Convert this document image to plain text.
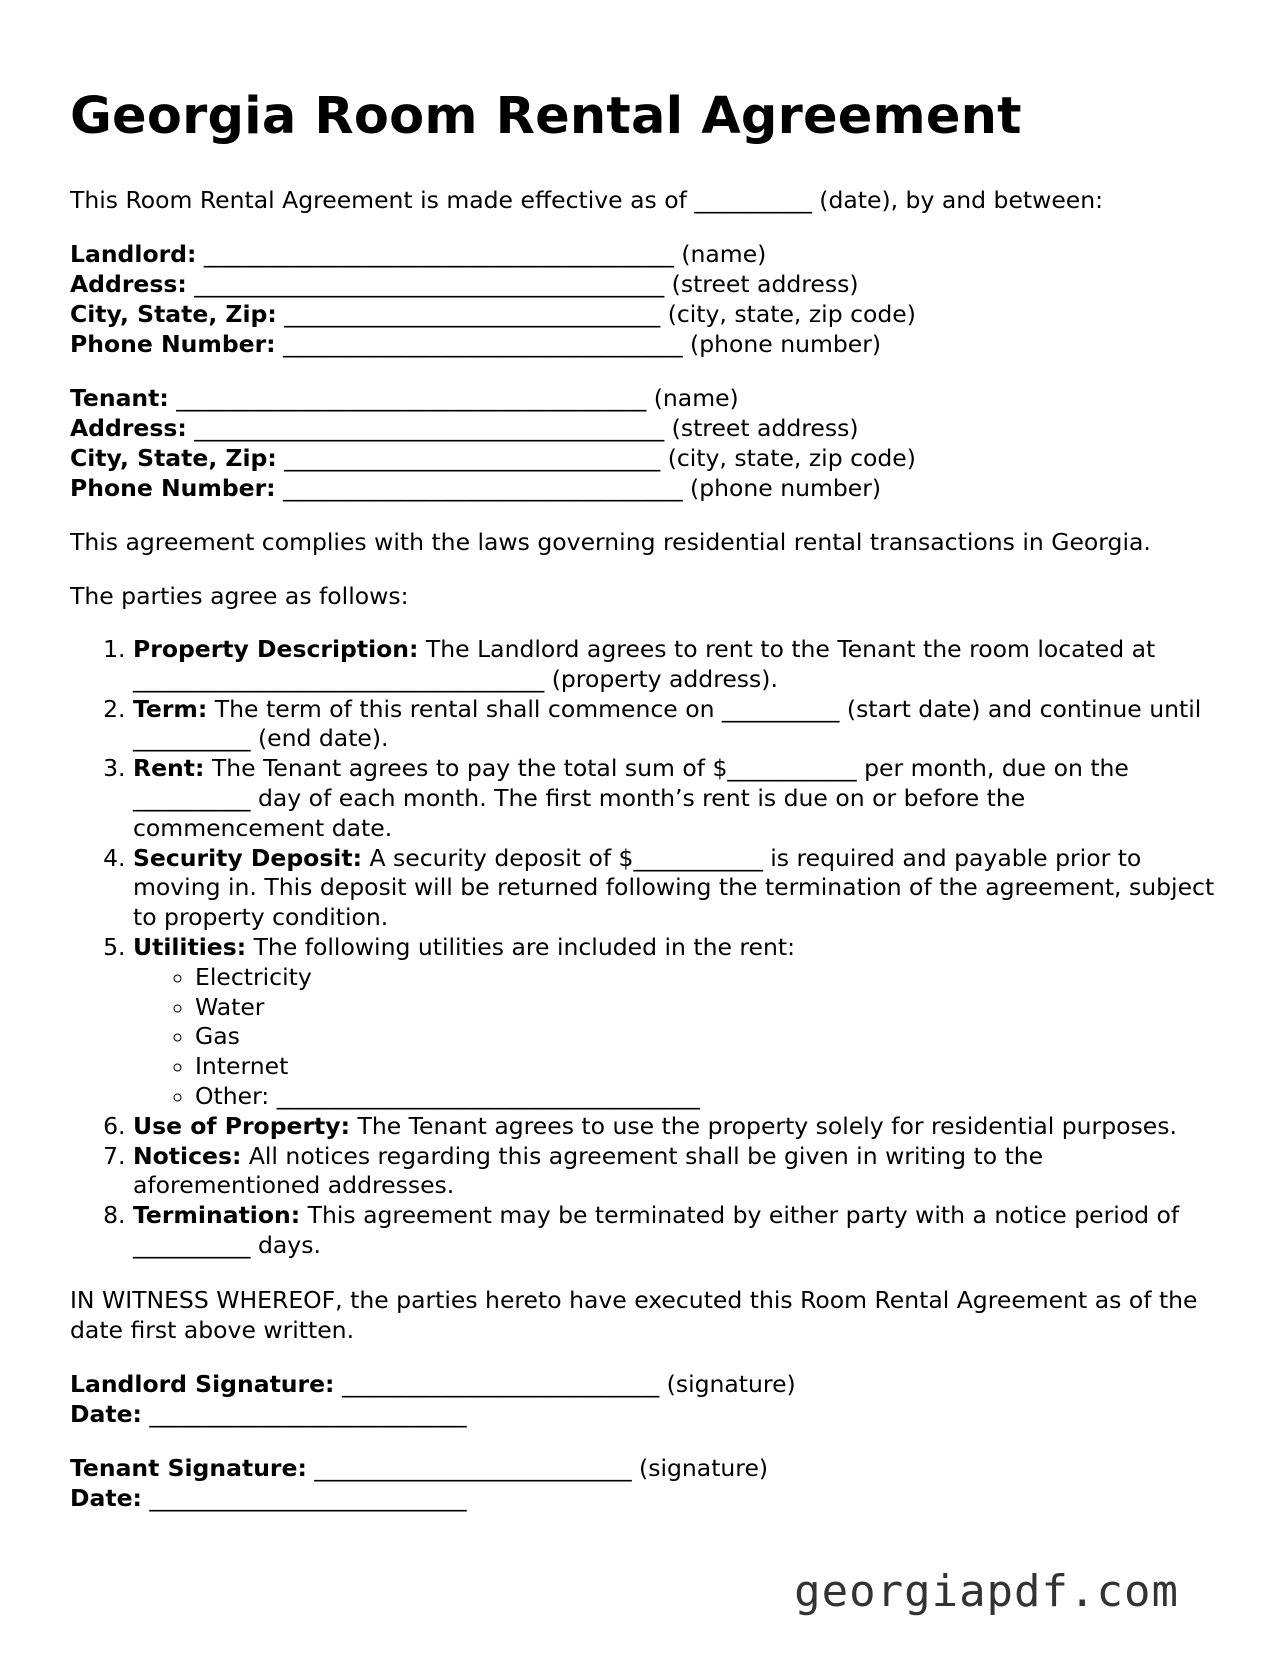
Georgia Room Rental Agreement

This Room Rental Agreement is made effective as of __________ (date), by and between:

Landlord: ________________________________________ (name)
Address: ________________________________________ (street address)
City, State, Zip: ________________________________ (city, state, zip code)
Phone Number: __________________________________ (phone number)
Tenant: ________________________________________ (name)
Address: ________________________________________ (street address)
City, State, Zip: ________________________________ (city, state, zip code)
Phone Number: __________________________________ (phone number)

This agreement complies with the laws governing residential rental transactions in Georgia.

The parties agree as follows:

1. Property Description: The Landlord agrees to rent to the Tenant the room located at ___________________________________ (property address).
2. Term: The term of this rental shall commence on __________ (start date) and continue until __________ (end date).
3. Rent: The Tenant agrees to pay the total sum of $___________ per month, due on the __________ day of each month. The first month’s rent is due on or before the commencement date.
4. Security Deposit: A security deposit of $___________ is required and payable prior to moving in. This deposit will be returned following the termination of the agreement, subject to property condition.
5. Utilities: The following utilities are included in the rent:
◦ Electricity
◦ Water
◦ Gas
◦ Internet
◦ Other: ____________________________________
6. Use of Property: The Tenant agrees to use the property solely for residential purposes.
7. Notices: All notices regarding this agreement shall be given in writing to the aforementioned addresses.
8. Termination: This agreement may be terminated by either party with a notice period of __________ days.

IN WITNESS WHEREOF, the parties hereto have executed this Room Rental Agreement as of the date first above written.

Landlord Signature: ___________________________ (signature)
Date: ___________________________
Tenant Signature: ___________________________ (signature)
Date: ___________________________
georgiapdf.com
